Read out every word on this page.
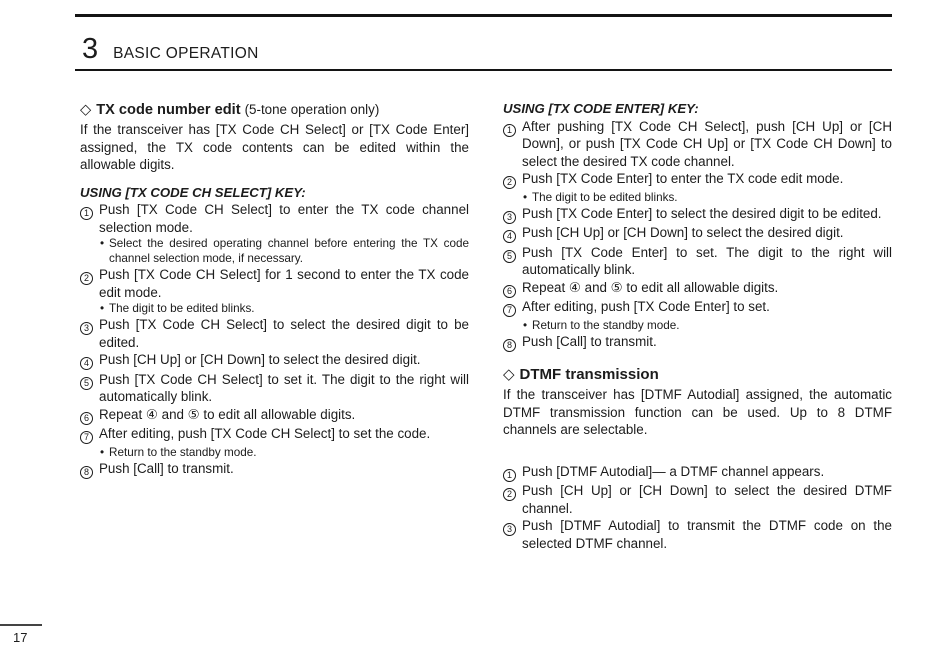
3 BASIC OPERATION
◇ TX code number edit (5-tone operation only)

If the transceiver has [TX Code CH Select] or [TX Code Enter] assigned, the TX code contents can be edited within the allowable digits.

USING [TX CODE CH SELECT] KEY:

1 Push [TX Code CH Select] to enter the TX code channel selection mode.
• Select the desired operating channel before entering the TX code channel selection mode, if necessary.
2 Push [TX Code CH Select] for 1 second to enter the TX code edit mode.
• The digit to be edited blinks.
3 Push [TX Code CH Select] to select the desired digit to be edited.
4 Push [CH Up] or [CH Down] to select the desired digit.
5 Push [TX Code CH Select] to set it. The digit to the right will automatically blink.
6 Repeat ④ and ⑤ to edit all allowable digits.
7 After editing, push [TX Code CH Select] to set the code.
• Return to the standby mode.
8 Push [Call] to transmit.

USING [TX CODE ENTER] KEY:

1 After pushing [TX Code CH Select], push [CH Up] or [CH Down], or push [TX Code CH Up] or [TX Code CH Down] to select the desired TX code channel.
2 Push [TX Code Enter] to enter the TX code edit mode.
• The digit to be edited blinks.
3 Push [TX Code Enter] to select the desired digit to be edited.
4 Push [CH Up] or [CH Down] to select the desired digit.
5 Push [TX Code Enter] to set. The digit to the right will automatically blink.
6 Repeat ④ and ⑤ to edit all allowable digits.
7 After editing, push [TX Code Enter] to set.
• Return to the standby mode.
8 Push [Call] to transmit.
◇ DTMF transmission

If the transceiver has [DTMF Autodial] assigned, the automatic DTMF transmission function can be used. Up to 8 DTMF channels are selectable.

1 Push [DTMF Autodial]— a DTMF channel appears.
2 Push [CH Up] or [CH Down] to select the desired DTMF channel.
3 Push [DTMF Autodial] to transmit the DTMF code on the selected DTMF channel.
17
